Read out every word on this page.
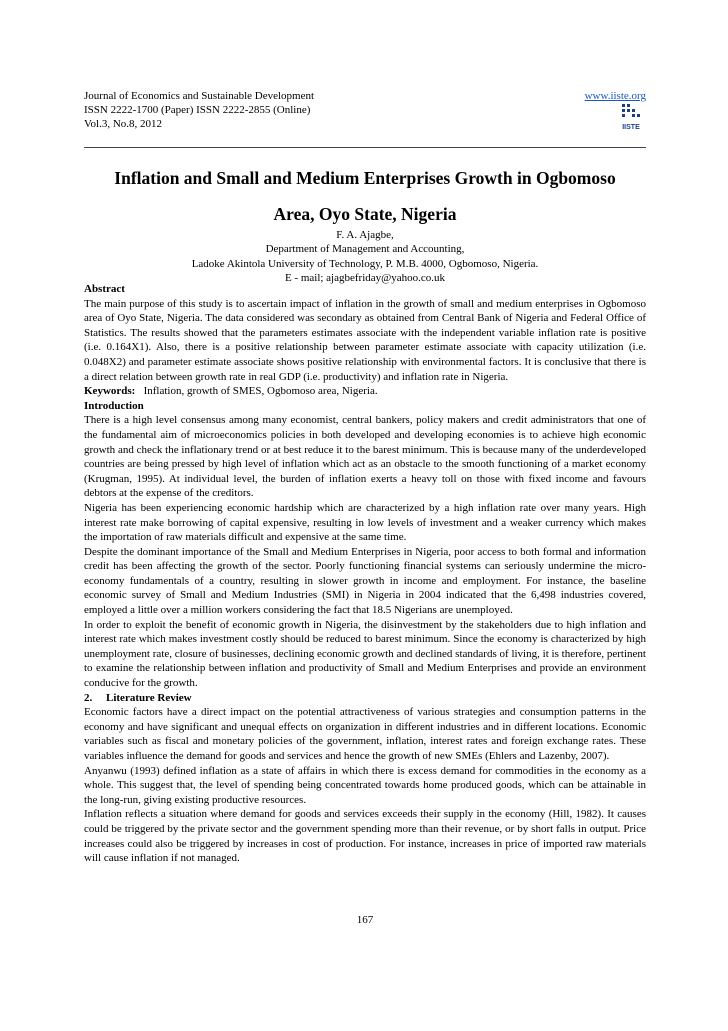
Journal of Economics and Sustainable Development	www.iiste.org
ISSN 2222-1700 (Paper) ISSN 2222-2855 (Online)
Vol.3, No.8, 2012	IISTE
Inflation and Small and Medium Enterprises Growth in Ogbomoso
Area, Oyo State, Nigeria
F. A. Ajagbe,
Department of Management and Accounting,
Ladoke Akintola University of Technology, P. M.B. 4000, Ogbomoso, Nigeria.
E - mail; ajagbefriday@yahoo.co.uk

Abstract

The main purpose of this study is to ascertain impact of inflation in the growth of small and medium enterprises in Ogbomoso area of Oyo State, Nigeria. The data considered was secondary as obtained from Central Bank of Nigeria and Federal Office of Statistics. The results showed that the parameters estimates associate with the independent variable inflation rate is positive (i.e. 0.164X1). Also, there is a positive relationship between parameter estimate associate with capacity utilization (i.e. 0.048X2) and parameter estimate associate shows positive relationship with environmental factors. It is conclusive that there is a direct relation between growth rate in real GDP (i.e. productivity) and inflation rate in Nigeria.

Keywords: Inflation, growth of SMES, Ogbomoso area, Nigeria.

Introduction

There is a high level consensus among many economist, central bankers, policy makers and credit administrators that one of the fundamental aim of microeconomics policies in both developed and developing economies is to achieve high economic growth and check the inflationary trend or at best reduce it to the barest minimum. This is because many of the underdeveloped countries are being pressed by high level of inflation which act as an obstacle to the smooth functioning of a market economy (Krugman, 1995). At individual level, the burden of inflation exerts a heavy toll on those with fixed income and favours debtors at the expense of the creditors.

Nigeria has been experiencing economic hardship which are characterized by a high inflation rate over many years. High interest rate make borrowing of capital expensive, resulting in low levels of investment and a weaker currency which makes the importation of raw materials difficult and expensive at the same time.

Despite the dominant importance of the Small and Medium Enterprises in Nigeria, poor access to both formal and information credit has been affecting the growth of the sector. Poorly functioning financial systems can seriously undermine the micro-economy fundamentals of a country, resulting in slower growth in income and employment. For instance, the baseline economic survey of Small and Medium Industries (SMI) in Nigeria in 2004 indicated that the 6,498 industries covered, employed a little over a million workers considering the fact that 18.5 Nigerians are unemployed.

In order to exploit the benefit of economic growth in Nigeria, the disinvestment by the stakeholders due to high inflation and interest rate which makes investment costly should be reduced to barest minimum. Since the economy is characterized by high unemployment rate, closure of businesses, declining economic growth and declined standards of living, it is therefore, pertinent to examine the relationship between inflation and productivity of Small and Medium Enterprises and provide an environment conducive for the growth.

2.     Literature Review

Economic factors have a direct impact on the potential attractiveness of various strategies and consumption patterns in the economy and have significant and unequal effects on organization in different industries and in different locations. Economic variables such as fiscal and monetary policies of the government, inflation, interest rates and foreign exchange rates. These variables influence the demand for goods and services and hence the growth of new SMEs (Ehlers and Lazenby, 2007).

Anyanwu (1993) defined inflation as a state of affairs in which there is excess demand for commodities in the economy as a whole. This suggest that, the level of spending being concentrated towards home produced goods, which can be attainable in the long-run, giving existing productive resources.

Inflation reflects a situation where demand for goods and services exceeds their supply in the economy (Hill, 1982). It causes could be triggered by the private sector and the government spending more than their revenue, or by short falls in output. Price increases could also be triggered by increases in cost of production. For instance, increases in price of imported raw materials will cause inflation if not managed.

167
